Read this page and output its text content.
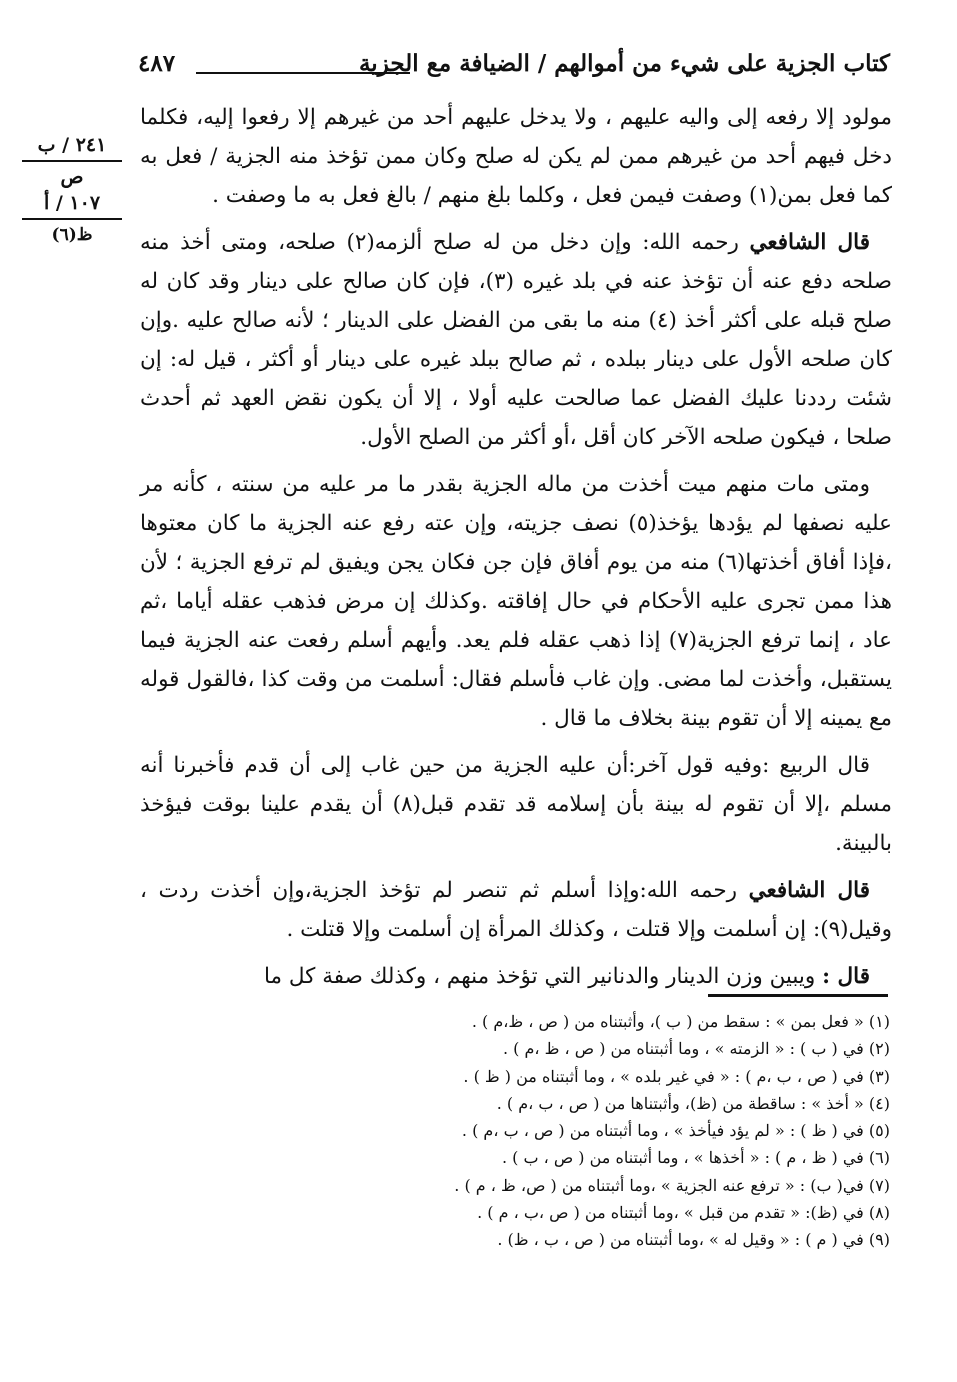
كتاب الجزية على شيء من أموالهم / الضيافة مع الجزية
٤٨٧
٢٤١ / ب
ص
١٠٧ / أ
ظ(٦)

مولود إلا رفعه إلى واليه عليهم ، ولا يدخل عليهم أحد من غيرهم إلا رفعوا إليه، فكلما دخل فيهم أحد من غيرهم ممن لم يكن له صلح وكان ممن تؤخذ منه الجزية / فعل به كما فعل بمن(١) وصفت فيمن فعل ، وكلما بلغ منهم / بالغ فعل به ما وصفت .

قال الشافعي رحمه الله: وإن دخل من له صلح ألزمه(٢) صلحه، ومتى أخذ منه صلحه دفع عنه أن تؤخذ عنه في بلد غيره (٣)، فإن كان صالح على دينار وقد كان له صلح قبله على أكثر أخذ (٤) منه ما بقى من الفضل على الدينار ؛ لأنه صالح عليه .وإن كان صلحه الأول على دينار ببلده ، ثم صالح ببلد غيره على دينار أو أكثر ، قيل له: إن شئت رددنا عليك الفضل عما صالحت عليه أولا ، إلا أن يكون نقض العهد ثم أحدث صلحا ، فيكون صلحه الآخر كان أقل ،أو أكثر من الصلح الأول.

ومتى مات منهم ميت أخذت من ماله الجزية بقدر ما مر عليه من سنته ، كأنه مر عليه نصفها لم يؤدها يؤخذ(٥) نصف جزيته، وإن عته رفع عنه الجزية ما كان معتوها ،فإذا أفاق أخذتها(٦) منه من يوم أفاق فإن جن فكان يجن ويفيق لم ترفع الجزية ؛ لأن هذا ممن تجرى عليه الأحكام في حال إفاقته .وكذلك إن مرض فذهب عقله أياما ،ثم عاد ، إنما ترفع الجزية(٧) إذا ذهب عقله فلم يعد. وأيهم أسلم رفعت عنه الجزية فيما يستقبل، وأخذت لما مضى. وإن غاب فأسلم فقال: أسلمت من وقت كذا ،فالقول قوله مع يمينه إلا أن تقوم بينة بخلاف ما قال .

قال الربيع :وفيه قول آخر:أن عليه الجزية من حين غاب إلى أن قدم فأخبرنا أنه مسلم ،إلا أن تقوم له بينة بأن إسلامه قد تقدم قبل(٨) أن يقدم علينا بوقت فيؤخذ بالبينة.

قال الشافعي رحمه الله:وإذا أسلم ثم تنصر لم تؤخذ الجزية،وإن أخذت ردت ، وقيل(٩): إن أسلمت وإلا قتلت ، وكذلك المرأة إن أسلمت وإلا قتلت .

قال : ويبين وزن الدينار والدنانير التي تؤخذ منهم ، وكذلك صفة كل ما

(١) « فعل بمن » : سقط من ( ب )، وأثبتناه من ( ص ، ظ،م ) .
(٢) في ( ب ) : « الزمته » ، وما أثبتناه من ( ص ، ظ ،م ) .
(٣) في ( ص ، ب ،م ) : « في غير بلده » ، وما أثبتناه من ( ظ ) .
(٤) « أخذ » : ساقطة من (ظ)، وأثبتناها من ( ص ، ب ،م ) .
(٥) في ( ظ ) : « لم يؤد فيأخذ » ، وما أثبتناه من ( ص ، ب ،م ) .
(٦) في ( ظ ، م ) : « أخذها » ، وما أثبتناه من ( ص ، ب ) .
(٧) في( ب) : « ترفع عنه الجزية » ،وما أثبتناه من ( ص، ظ ، م ) .
(٨) في (ظ): « تقدم من قبل » ،وما أثبتناه من ( ص ،ب ، م ) .
(٩) في ( م ) : « وقيل له » ،وما أثبتناه من ( ص ، ب ، ظ) .
